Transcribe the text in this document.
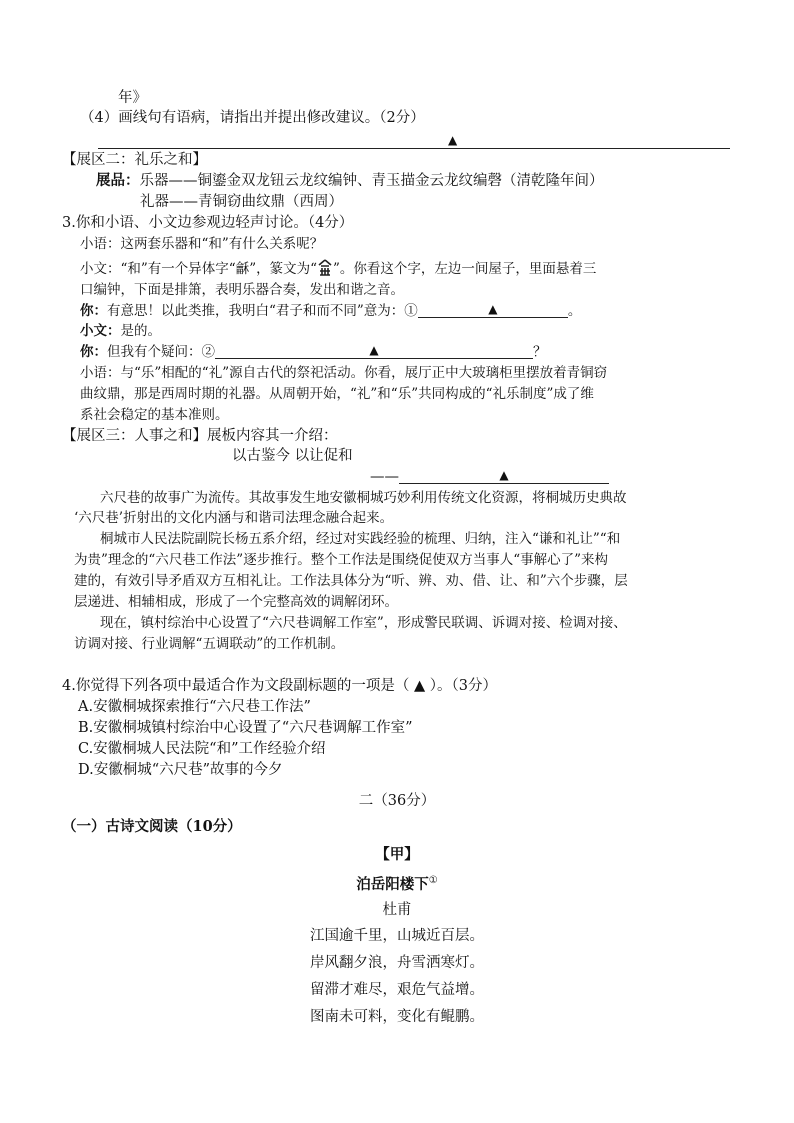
年》
（4）画线句有语病，请指出并提出修改建议。（2分）
▲
【展区二：礼乐之和】
展品：乐器——铜鎏金双龙钮云龙纹编钟、青玉描金云龙纹编磬（清乾隆年间）
礼器——青铜窃曲纹鼎（西周）
3.你和小语、小文边参观边轻声讨论。（4分）
小语：这两套乐器和“和”有什么关系呢？
小文：“和”有一个异体字“龢”，篆文为“ ”。你看这个字，左边一间屋子，里面悬着三
口编钟，下面是排箫，表明乐器合奏，发出和谐之音。
你：有意思！以此类推，我明白“君子和而不同”意为：①	▲	。
小文：是的。
你：但我有个疑问：②	▲	？
小语：与“乐”相配的“礼”源自古代的祭祀活动。你看，展厅正中大玻璃柜里摆放着青铜窃
曲纹鼎，那是西周时期的礼器。从周朝开始，“礼”和“乐”共同构成的“礼乐制度”成了维
系社会稳定的基本准则。
【展区三：人事之和】展板内容其一介绍：
以古鉴今 以让促和
——	▲
六尺巷的故事广为流传。其故事发生地安徽桐城巧妙利用传统文化资源，将桐城历史典故
‘六尺巷’折射出的文化内涵与和谐司法理念融合起来。
桐城市人民法院副院长杨五系介绍，经过对实践经验的梳理、归纳，注入“谦和礼让”“和
为贵”理念的“六尺巷工作法”逐步推行。整个工作法是围绕促使双方当事人“事解心了”来构
建的，有效引导矛盾双方互相礼让。工作法具体分为“听、辨、劝、借、让、和”六个步骤，层
层递进、相辅相成，形成了一个完整高效的调解闭环。
现在，镇村综治中心设置了“六尺巷调解工作室”，形成警民联调、诉调对接、检调对接、
访调对接、行业调解“五调联动”的工作机制。
4.你觉得下列各项中最适合作为文段副标题的一项是（ ▲ ）。（3分）
A.安徽桐城探索推行“六尺巷工作法”
B.安徽桐城镇村综治中心设置了“六尺巷调解工作室”
C.安徽桐城人民法院“和”工作经验介绍
D.安徽桐城“六尺巷”故事的今夕
二（36分）
（一）古诗文阅读（10分）
【甲】
泊岳阳楼下①
杜甫
江国逾千里，山城近百层。
岸风翻夕浪，舟雪洒寒灯。
留滞才难尽，艰危气益增。
图南未可料，变化有鲲鹏。
